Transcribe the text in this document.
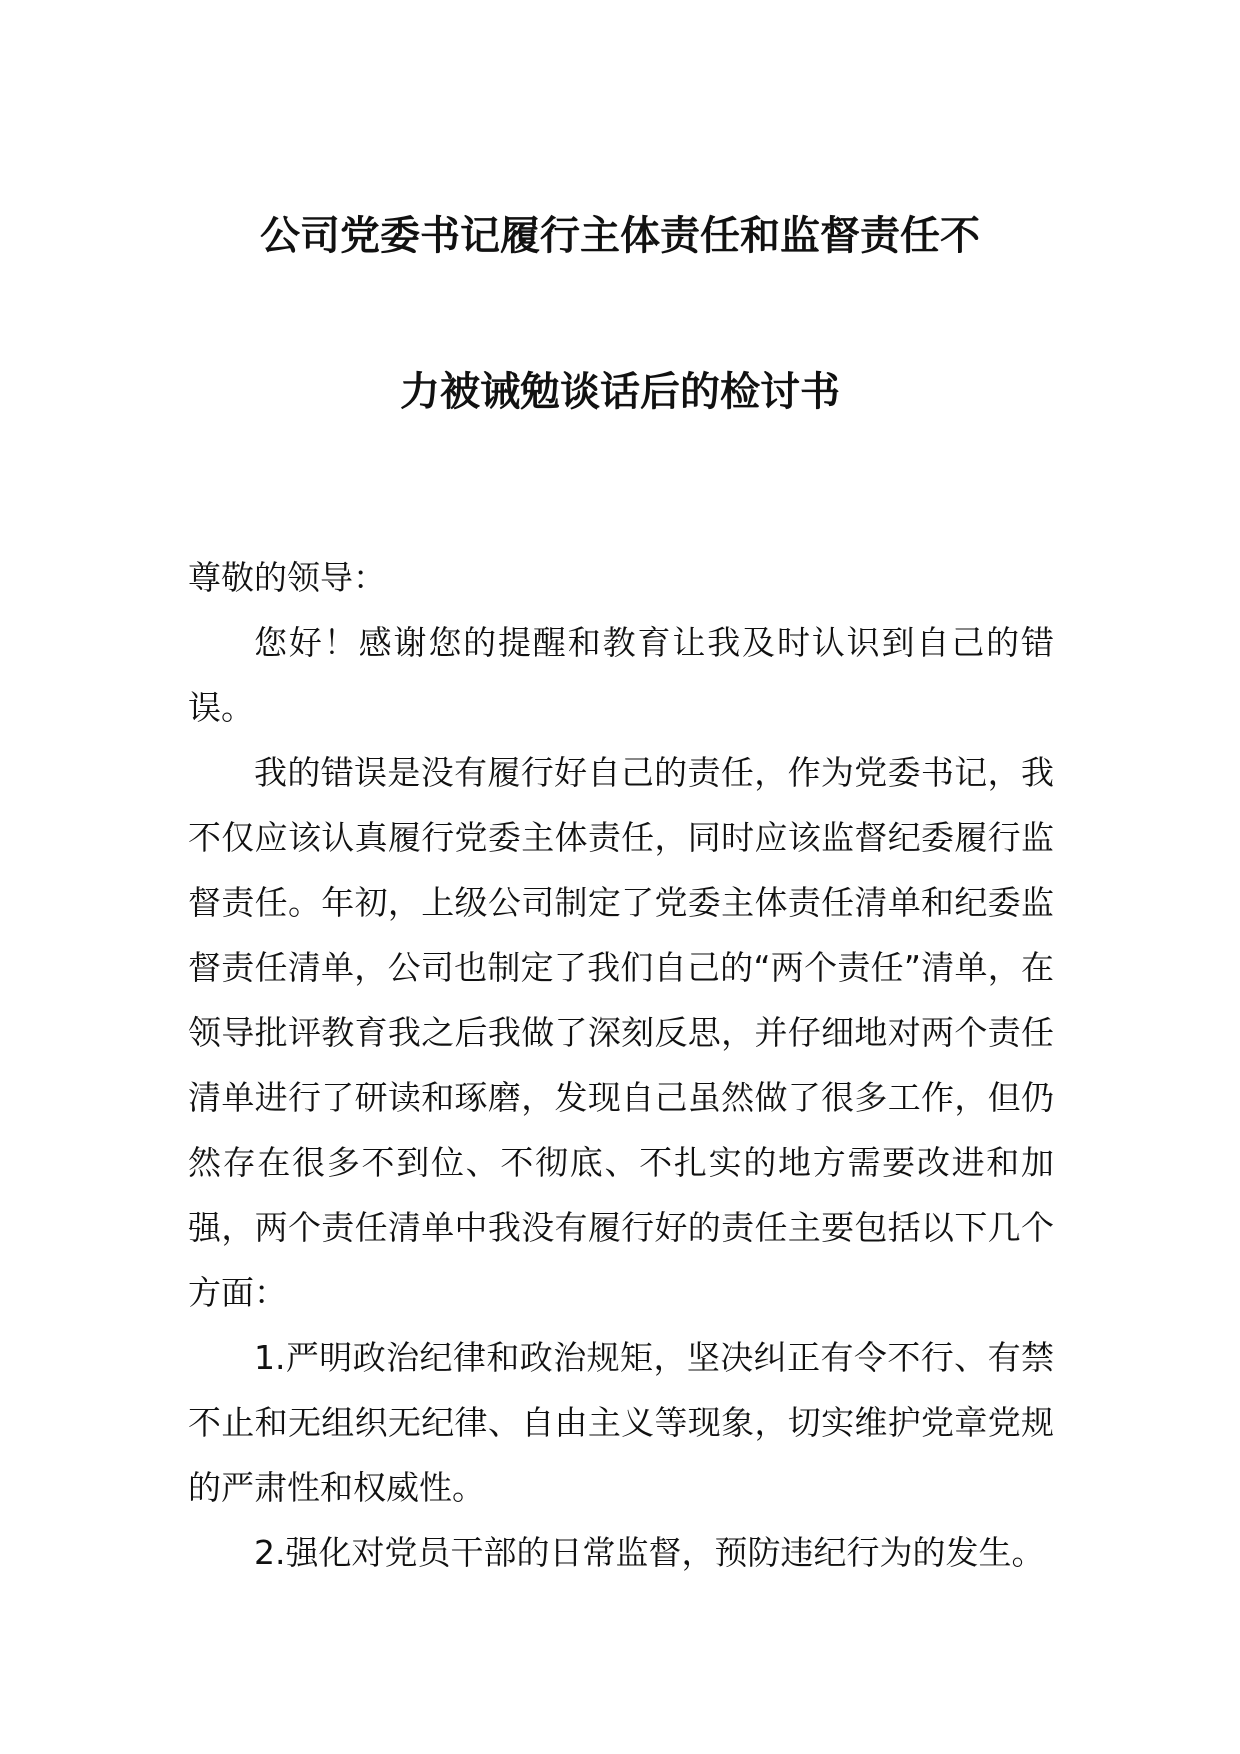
公司党委书记履行主体责任和监督责任不
力被诫勉谈话后的检讨书

尊敬的领导：

您好！感谢您的提醒和教育让我及时认识到自己的错误。

我的错误是没有履行好自己的责任，作为党委书记，我不仅应该认真履行党委主体责任，同时应该监督纪委履行监督责任。年初，上级公司制定了党委主体责任清单和纪委监督责任清单，公司也制定了我们自己的“两个责任”清单，在领导批评教育我之后我做了深刻反思，并仔细地对两个责任清单进行了研读和琢磨，发现自己虽然做了很多工作，但仍然存在很多不到位、不彻底、不扎实的地方需要改进和加强，两个责任清单中我没有履行好的责任主要包括以下几个方面：

1.严明政治纪律和政治规矩，坚决纠正有令不行、有禁不止和无组织无纪律、自由主义等现象，切实维护党章党规的严肃性和权威性。

2.强化对党员干部的日常监督，预防违纪行为的发生。
